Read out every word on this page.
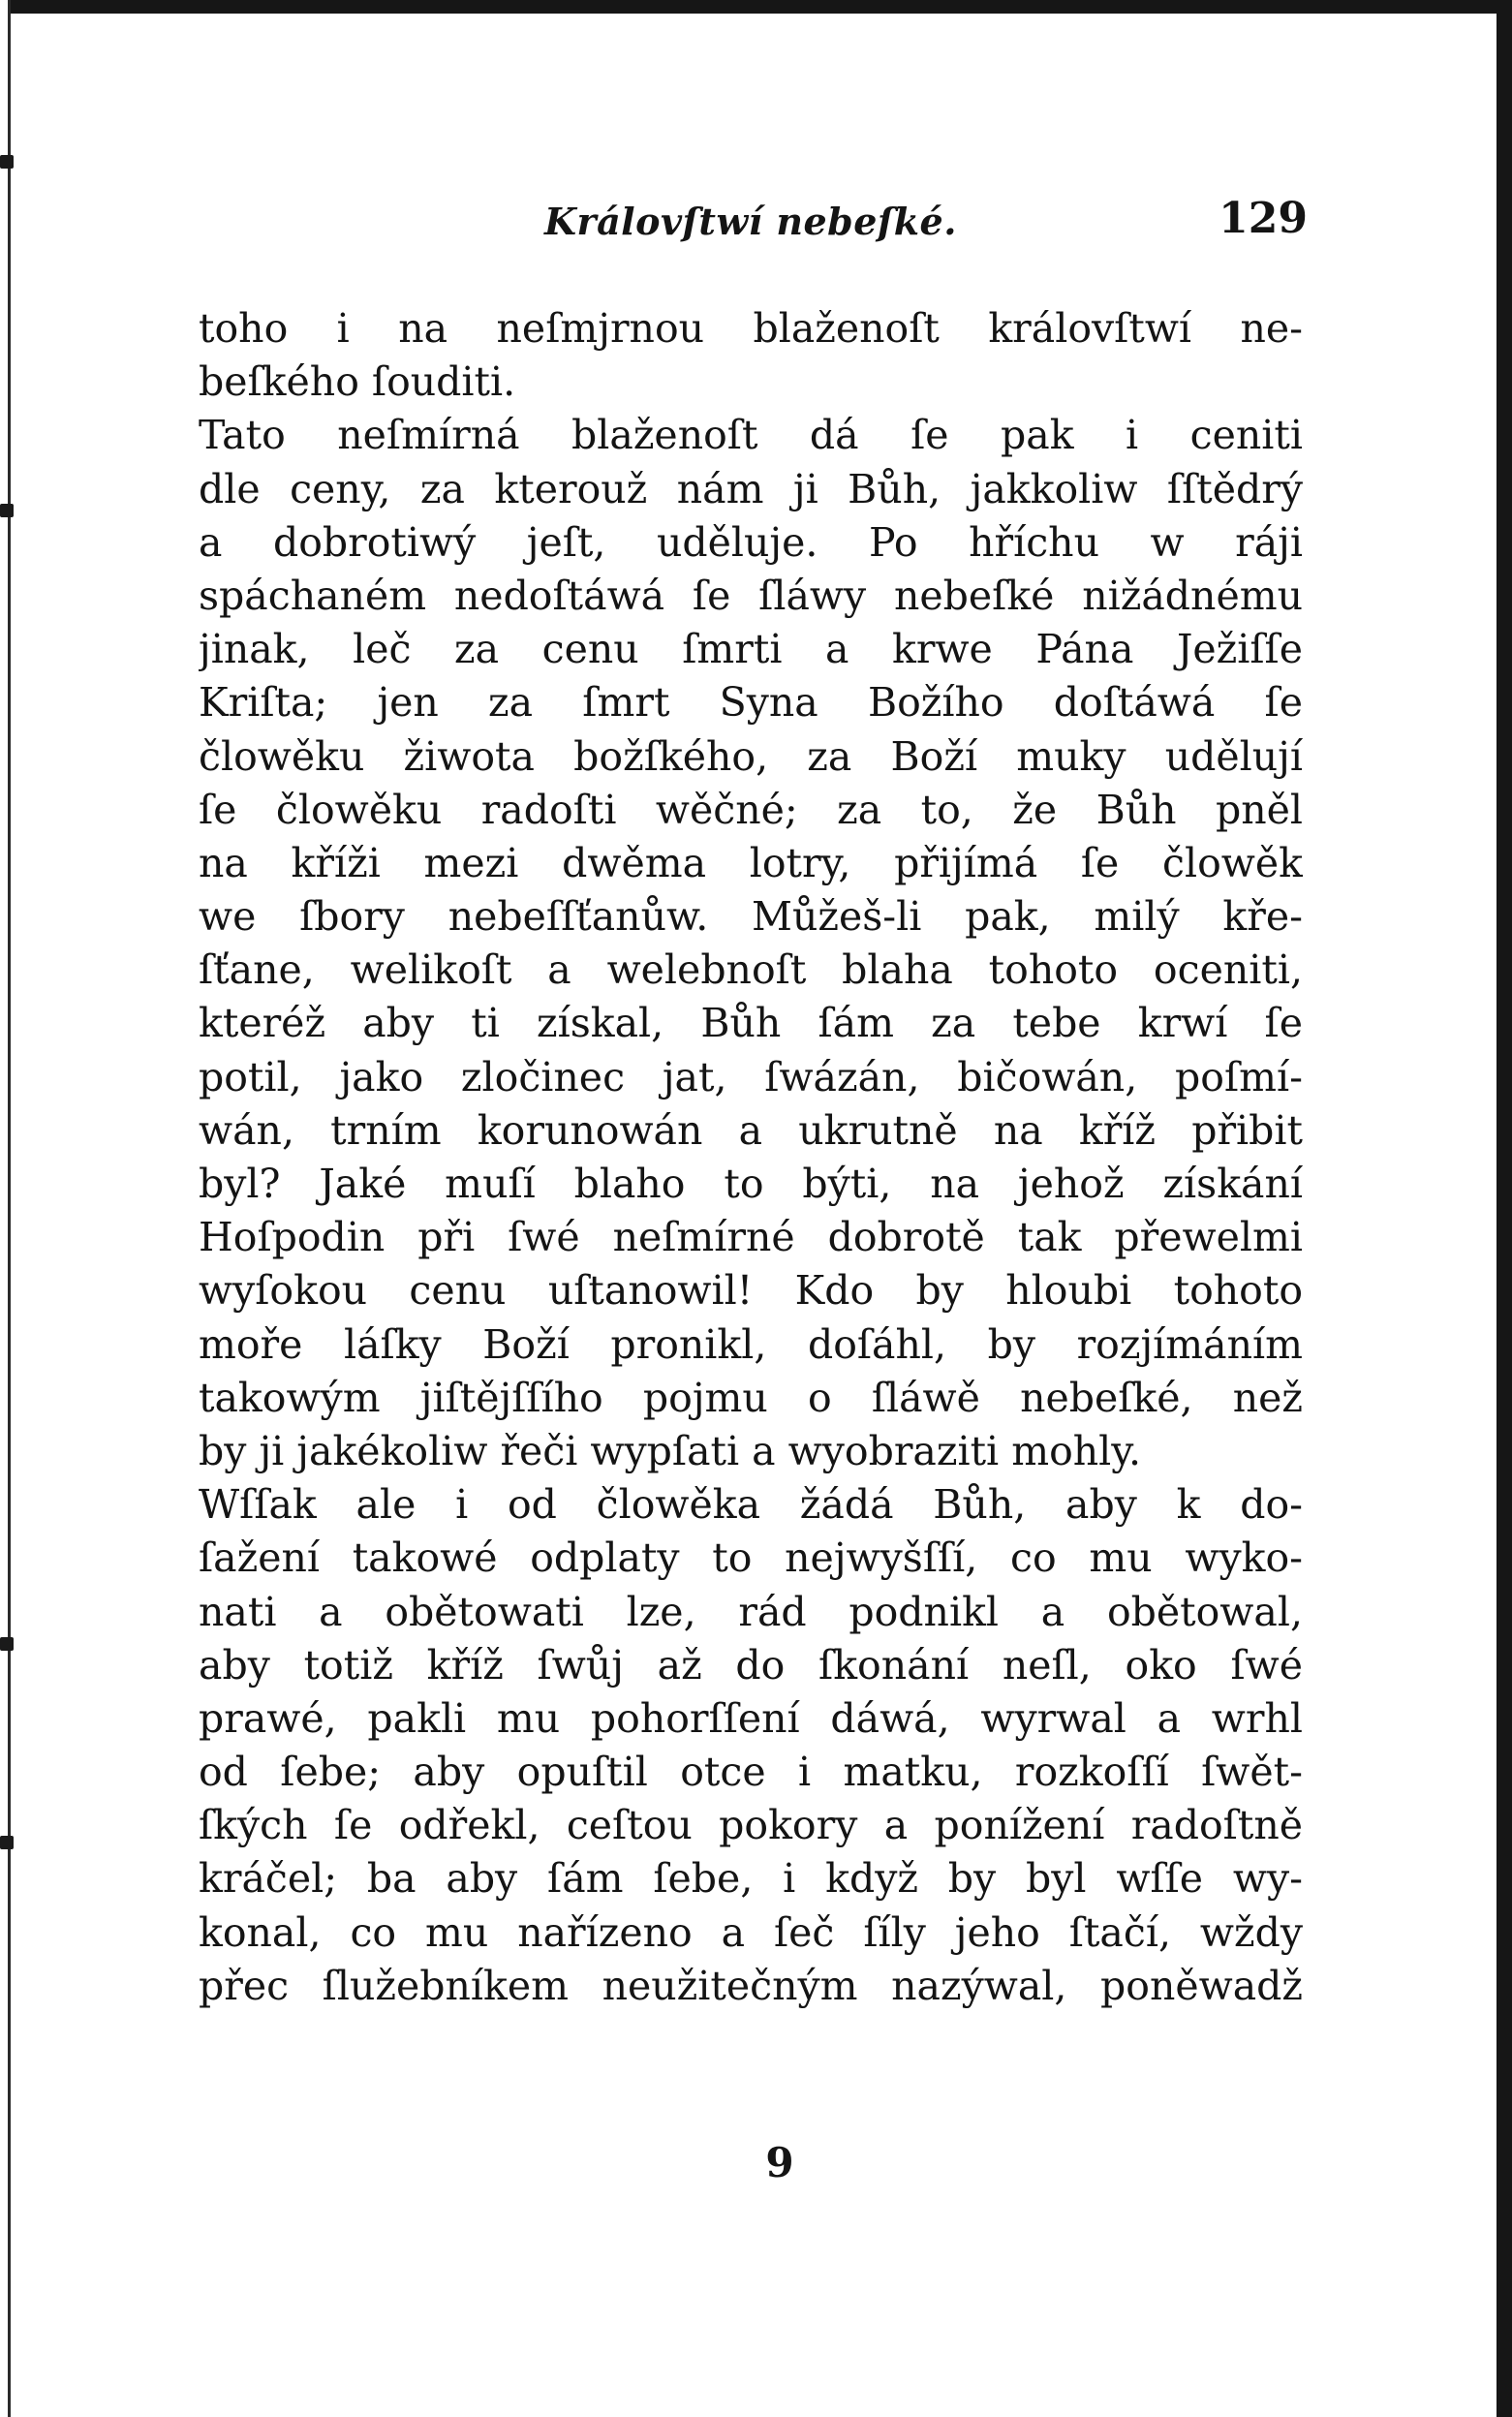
Královſtwí nebeſké.	129
toho i na neſmjrnou blaženoſt královſtwí ne-
beſkého ſouditi.
Tato neſmírná blaženoſt dá ſe pak i ceniti
dle ceny, za kterouž nám ji Bůh, jakkoliw ſſtědrý
a dobrotiwý jeſt, uděluje. Po hříchu w ráji
spáchaném nedoſtáwá ſe ſláwy nebeſké nižádnému
jinak, leč za cenu ſmrti a krwe Pána Ježiſſe
Kriſta; jen za ſmrt Syna Božího doſtáwá ſe
člowěku žiwota božſkého, za Boží muky udělují
ſe člowěku radoſti wěčné; za to, že Bůh pněl
na kříži mezi dwěma lotry, přijímá ſe člowěk
we ſbory nebeſſťanůw. Můžeš-li pak, milý kře-
ſťane, welikoſt a welebnoſt blaha tohoto oceniti,
kteréž aby ti získal, Bůh ſám za tebe krwí ſe
potil, jako zločinec jat, ſwázán, bičowán, poſmí-
wán, trním korunowán a ukrutně na kříž přibit
byl? Jaké muſí blaho to býti, na jehož získání
Hoſpodin při ſwé neſmírné dobrotě tak přewelmi
wyſokou cenu uſtanowil! Kdo by hloubi tohoto
moře láſky Boží pronikl, doſáhl, by rozjímáním
takowým jiſtějſſího pojmu o ſláwě nebeſké, než
by ji jakékoliw řeči wypſati a wyobraziti mohly.
Wſſak ale i od člowěka žádá Bůh, aby k do-
ſažení takowé odplaty to nejwyšſſí, co mu wyko-
nati a obětowati lze, rád podnikl a obětowal,
aby totiž kříž ſwůj až do ſkonání neſl, oko ſwé
prawé, pakli mu pohorſſení dáwá, wyrwal a wrhl
od ſebe; aby opuſtil otce i matku, rozkoſſí ſwět-
ſkých ſe odřekl, ceſtou pokory a ponížení radoſtně
kráčel; ba aby ſám ſebe, i když by byl wſſe wy-
konal, co mu nařízeno a ſeč ſíly jeho ſtačí, wždy
přec ſlužebníkem neužitečným nazýwal, poněwadž
9
